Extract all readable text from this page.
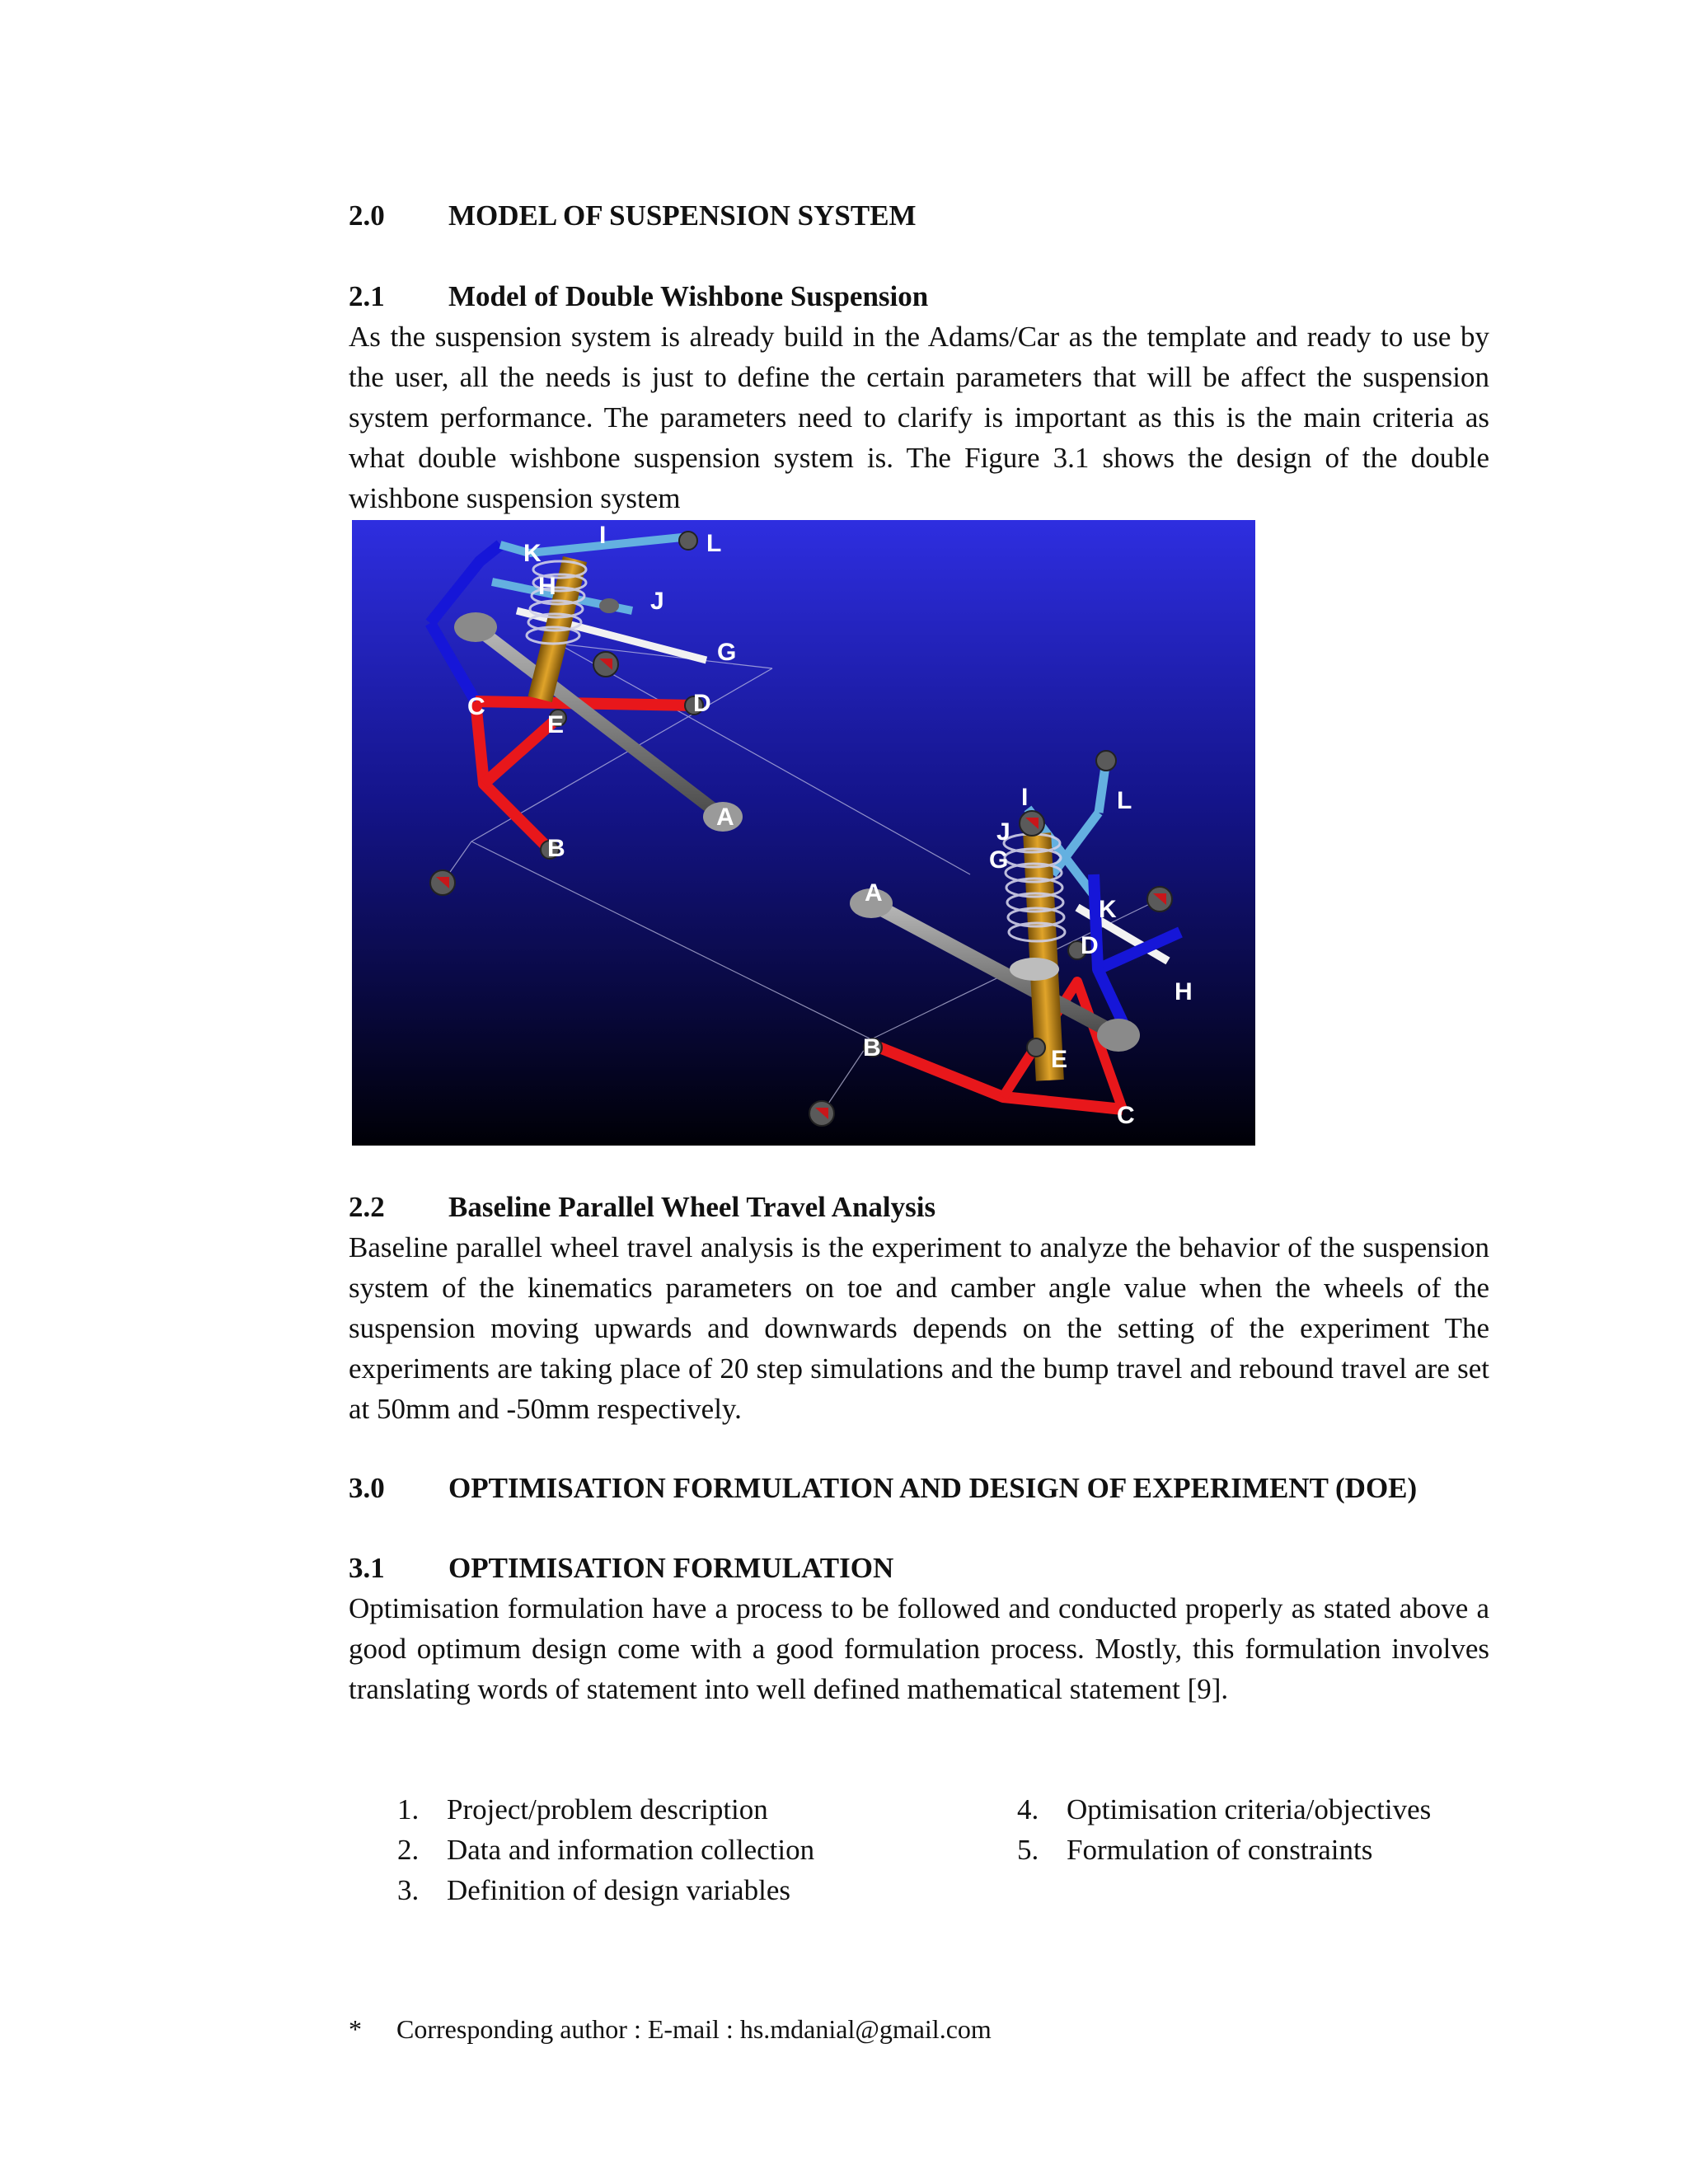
2.0 MODEL OF SUSPENSION SYSTEM
2.1 Model of Double Wishbone Suspension

As the suspension system is already build in the Adams/Car as the template and ready to use by the user, all the needs is just to define the certain parameters that will be affect the suspension system performance. The parameters need to clarify is important as this is the main criteria as what double wishbone suspension system is. The Figure 3.1 shows the design of the double wishbone suspension system

I
K	L
H
J
G
C
E
D
A
B
I	L
J
G
A
K
D
H
B	E
C
2.2 Baseline Parallel Wheel Travel Analysis

Baseline parallel wheel travel analysis is the experiment to analyze the behavior of the suspension system of the kinematics parameters on toe and camber angle value when the wheels of the suspension moving upwards and downwards depends on the setting of the experiment The experiments are taking place of 20 step simulations and the bump travel and rebound travel are set at 50mm and -50mm respectively.

3.0 OPTIMISATION FORMULATION AND DESIGN OF EXPERIMENT (DOE)
3.1 OPTIMISATION FORMULATION

Optimisation formulation have a process to be followed and conducted properly as stated above a good optimum design come with a good formulation process. Mostly, this formulation involves translating words of statement into well defined mathematical statement [9].

1. Project/problem description
2. Data and information collection
3. Definition of design variables
4. Optimisation criteria/objectives
5. Formulation of constraints
* Corresponding author : E-mail : hs.mdanial@gmail.com
